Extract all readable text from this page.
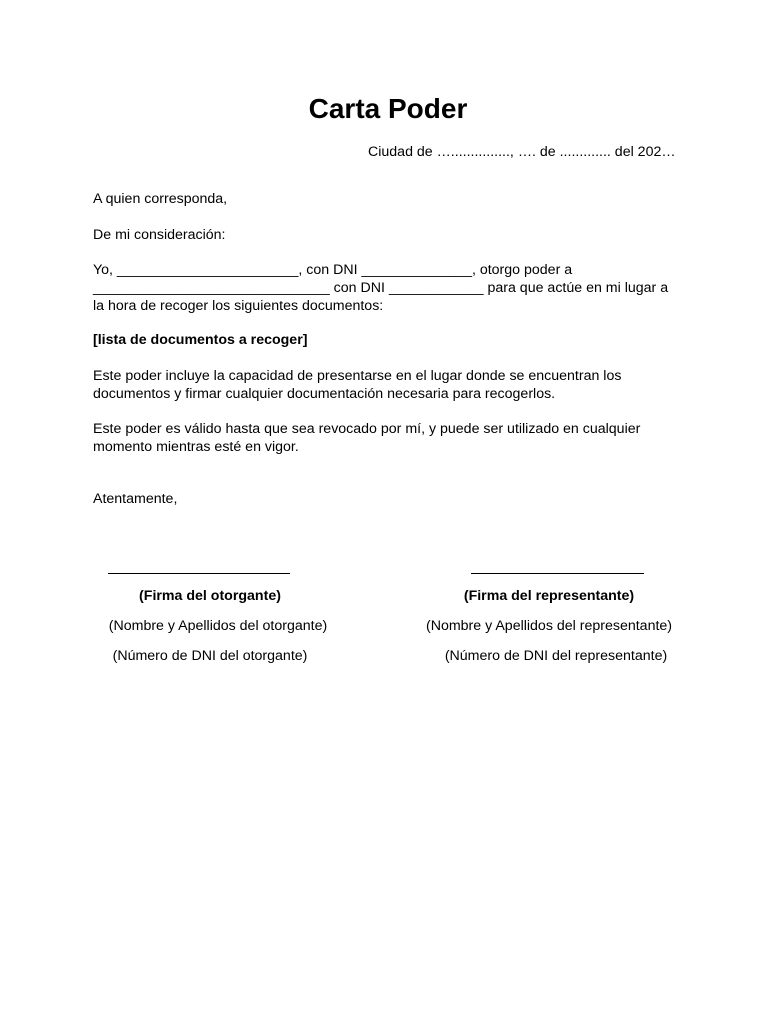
Carta Poder
Ciudad de …..............., …. de ............. del 202…
A quien corresponda,
De mi consideración:
Yo, _______________________, con DNI ______________, otorgo poder a
______________________________ con DNI ____________ para que actúe en mi lugar a
la hora de recoger los siguientes documentos:
[lista de documentos a recoger]
Este poder incluye la capacidad de presentarse en el lugar donde se encuentran los
documentos y firmar cualquier documentación necesaria para recogerlos.
Este poder es válido hasta que sea revocado por mí, y puede ser utilizado en cualquier
momento mientras esté en vigor.
Atentamente,
(Firma del otorgante)	(Firma del representante)
(Nombre y Apellidos del otorgante)	(Nombre y Apellidos del representante)
(Número de DNI del otorgante)	(Número de DNI del representante)
